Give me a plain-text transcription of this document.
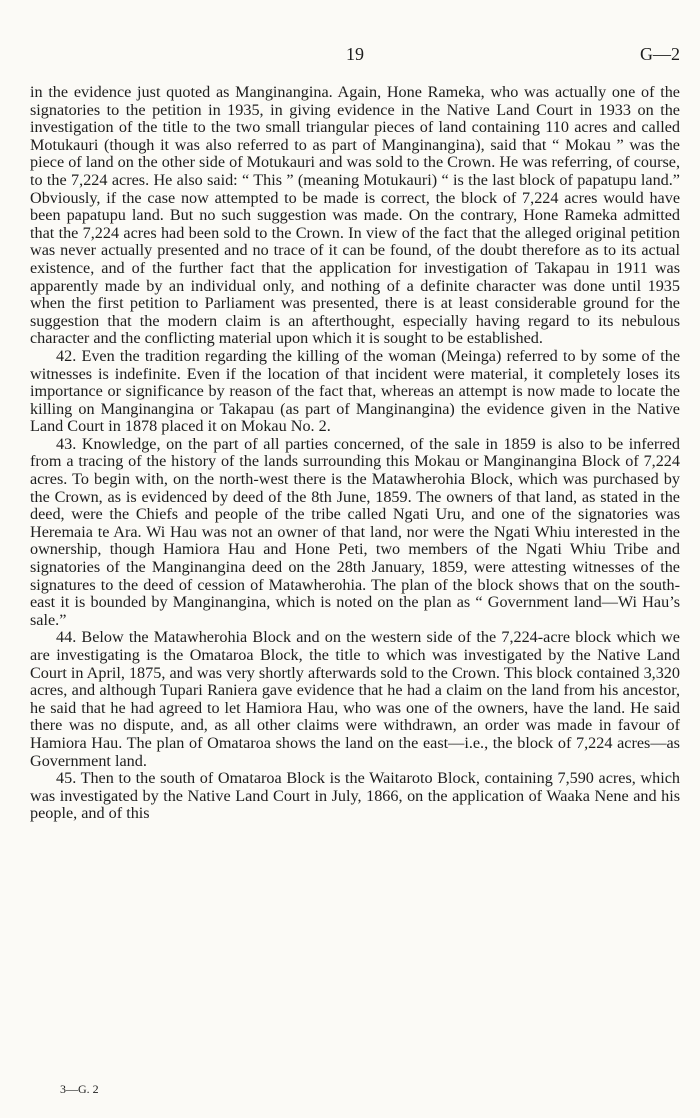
19	G—2

in the evidence just quoted as Manginangina. Again, Hone Rameka, who was actually one of the signatories to the petition in 1935, in giving evidence in the Native Land Court in 1933 on the investigation of the title to the two small triangular pieces of land containing 110 acres and called Motukauri (though it was also referred to as part of Manginangina), said that “ Mokau ” was the piece of land on the other side of Motukauri and was sold to the Crown. He was referring, of course, to the 7,224 acres. He also said: “ This ” (meaning Motukauri) “ is the last block of papatupu land.” Obviously, if the case now attempted to be made is correct, the block of 7,224 acres would have been papatupu land. But no such suggestion was made. On the contrary, Hone Rameka admitted that the 7,224 acres had been sold to the Crown. In view of the fact that the alleged original petition was never actually presented and no trace of it can be found, of the doubt therefore as to its actual existence, and of the further fact that the application for investigation of Takapau in 1911 was apparently made by an individual only, and nothing of a definite character was done until 1935 when the first petition to Parliament was presented, there is at least considerable ground for the suggestion that the modern claim is an afterthought, especially having regard to its nebulous character and the conflicting material upon which it is sought to be established.

42. Even the tradition regarding the killing of the woman (Meinga) referred to by some of the witnesses is indefinite. Even if the location of that incident were material, it completely loses its importance or significance by reason of the fact that, whereas an attempt is now made to locate the killing on Manginangina or Takapau (as part of Manginangina) the evidence given in the Native Land Court in 1878 placed it on Mokau No. 2.

43. Knowledge, on the part of all parties concerned, of the sale in 1859 is also to be inferred from a tracing of the history of the lands surrounding this Mokau or Manginangina Block of 7,224 acres. To begin with, on the north-west there is the Matawherohia Block, which was purchased by the Crown, as is evidenced by deed of the 8th June, 1859. The owners of that land, as stated in the deed, were the Chiefs and people of the tribe called Ngati Uru, and one of the signatories was Heremaia te Ara. Wi Hau was not an owner of that land, nor were the Ngati Whiu interested in the ownership, though Hamiora Hau and Hone Peti, two members of the Ngati Whiu Tribe and signatories of the Manginangina deed on the 28th January, 1859, were attesting witnesses of the signatures to the deed of cession of Matawherohia. The plan of the block shows that on the south-east it is bounded by Manginangina, which is noted on the plan as “ Government land—Wi Hau’s sale.”

44. Below the Matawherohia Block and on the western side of the 7,224-acre block which we are investigating is the Omataroa Block, the title to which was investigated by the Native Land Court in April, 1875, and was very shortly afterwards sold to the Crown. This block contained 3,320 acres, and although Tupari Raniera gave evidence that he had a claim on the land from his ancestor, he said that he had agreed to let Hamiora Hau, who was one of the owners, have the land. He said there was no dispute, and, as all other claims were withdrawn, an order was made in favour of Hamiora Hau. The plan of Omataroa shows the land on the east—i.e., the block of 7,224 acres—as Government land.

45. Then to the south of Omataroa Block is the Waitaroto Block, containing 7,590 acres, which was investigated by the Native Land Court in July, 1866, on the application of Waaka Nene and his people, and of this

3—G. 2
